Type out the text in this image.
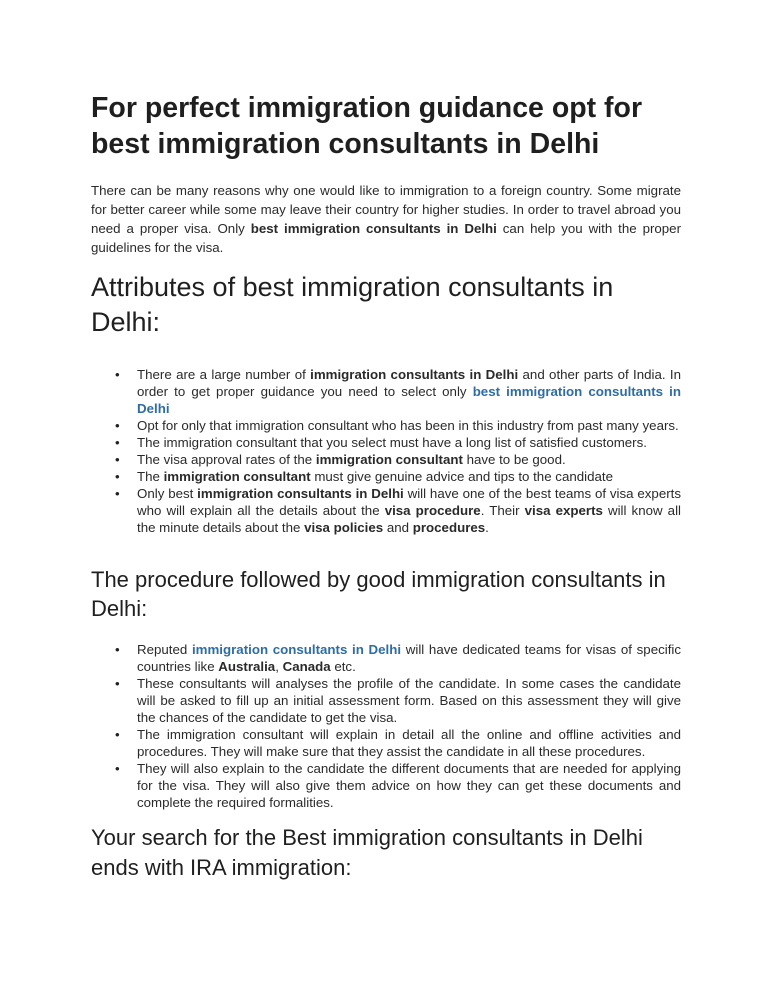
For perfect immigration guidance opt for best immigration consultants in Delhi

There can be many reasons why one would like to immigration to a foreign country. Some migrate for better career while some may leave their country for higher studies. In order to travel abroad you need a proper visa. Only best immigration consultants in Delhi can help you with the proper guidelines for the visa.

Attributes of best immigration consultants in Delhi:
• There are a large number of immigration consultants in Delhi and other parts of India. In order to get proper guidance you need to select only best immigration consultants in Delhi
• Opt for only that immigration consultant who has been in this industry from past many years.
• The immigration consultant that you select must have a long list of satisfied customers.
• The visa approval rates of the immigration consultant have to be good.
• The immigration consultant must give genuine advice and tips to the candidate
• Only best immigration consultants in Delhi will have one of the best teams of visa experts who will explain all the details about the visa procedure. Their visa experts will know all the minute details about the visa policies and procedures.
The procedure followed by good immigration consultants in Delhi:
• Reputed immigration consultants in Delhi will have dedicated teams for visas of specific countries like Australia, Canada etc.
• These consultants will analyses the profile of the candidate. In some cases the candidate will be asked to fill up an initial assessment form. Based on this assessment they will give the chances of the candidate to get the visa.
• The immigration consultant will explain in detail all the online and offline activities and procedures. They will make sure that they assist the candidate in all these procedures.
• They will also explain to the candidate the different documents that are needed for applying for the visa. They will also give them advice on how they can get these documents and complete the required formalities.
Your search for the Best immigration consultants in Delhi ends with IRA immigration:
